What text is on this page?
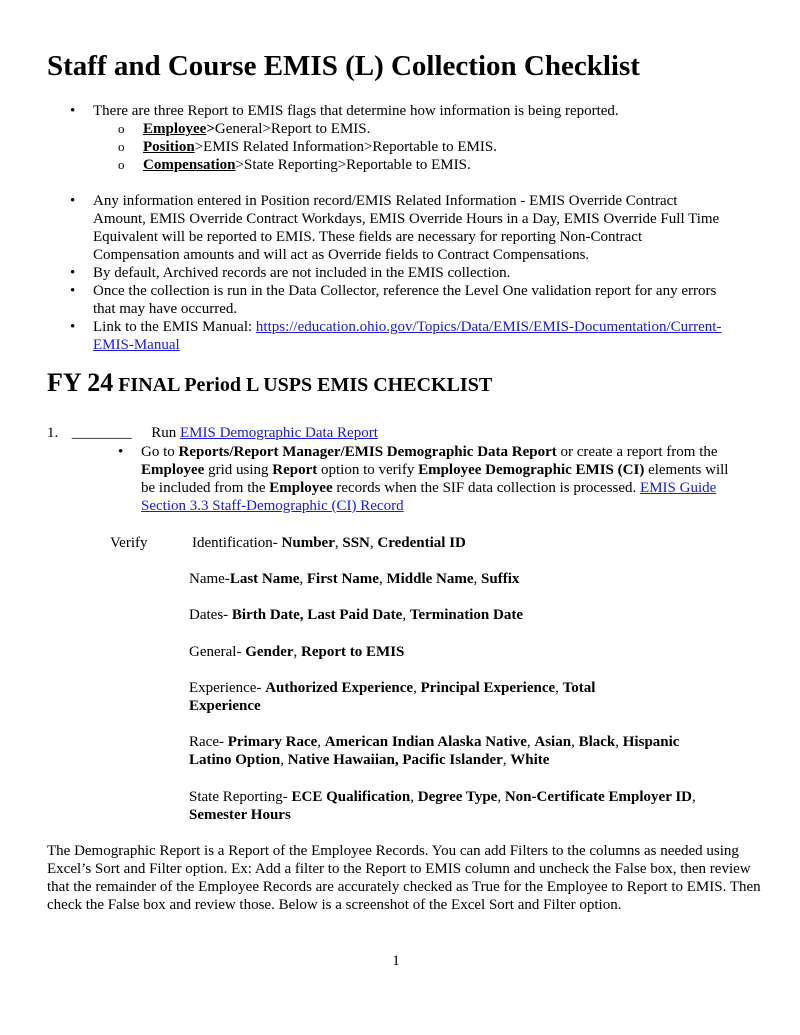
Staff and Course EMIS (L) Collection Checklist
• There are three Report to EMIS flags that determine how information is being reported.
o Employee>General>Report to EMIS.
o Position>EMIS Related Information>Reportable to EMIS.
o Compensation>State Reporting>Reportable to EMIS.
• Any information entered in Position record/EMIS Related Information - EMIS Override Contract Amount, EMIS Override Contract Workdays, EMIS Override Hours in a Day, EMIS Override Full Time Equivalent will be reported to EMIS. These fields are necessary for reporting Non-Contract Compensation amounts and will act as Override fields to Contract Compensations.
• By default, Archived records are not included in the EMIS collection.
• Once the collection is run in the Data Collector, reference the Level One validation report for any errors that may have occurred.
• Link to the EMIS Manual: https://education.ohio.gov/Topics/Data/EMIS/EMIS-Documentation/Current-EMIS-Manual
FY 24 FINAL Period L USPS EMIS CHECKLIST
1. ________ Run EMIS Demographic Data Report
• Go to Reports/Report Manager/EMIS Demographic Data Report or create a report from the Employee grid using Report option to verify Employee Demographic EMIS (CI) elements will be included from the Employee records when the SIF data collection is processed. EMIS Guide Section 3.3 Staff-Demographic (CI) Record
Verify	Identification- Number, SSN, Credential ID
Name-Last Name, First Name, Middle Name, Suffix
Dates- Birth Date, Last Paid Date, Termination Date
General- Gender, Report to EMIS
Experience- Authorized Experience, Principal Experience, Total Experience
Race- Primary Race, American Indian Alaska Native, Asian, Black, Hispanic Latino Option, Native Hawaiian, Pacific Islander, White
State Reporting- ECE Qualification, Degree Type, Non-Certificate Employer ID, Semester Hours
The Demographic Report is a Report of the Employee Records. You can add Filters to the columns as needed using Excel’s Sort and Filter option. Ex: Add a filter to the Report to EMIS column and uncheck the False box, then review that the remainder of the Employee Records are accurately checked as True for the Employee to Report to EMIS. Then check the False box and review those. Below is a screenshot of the Excel Sort and Filter option.
1
